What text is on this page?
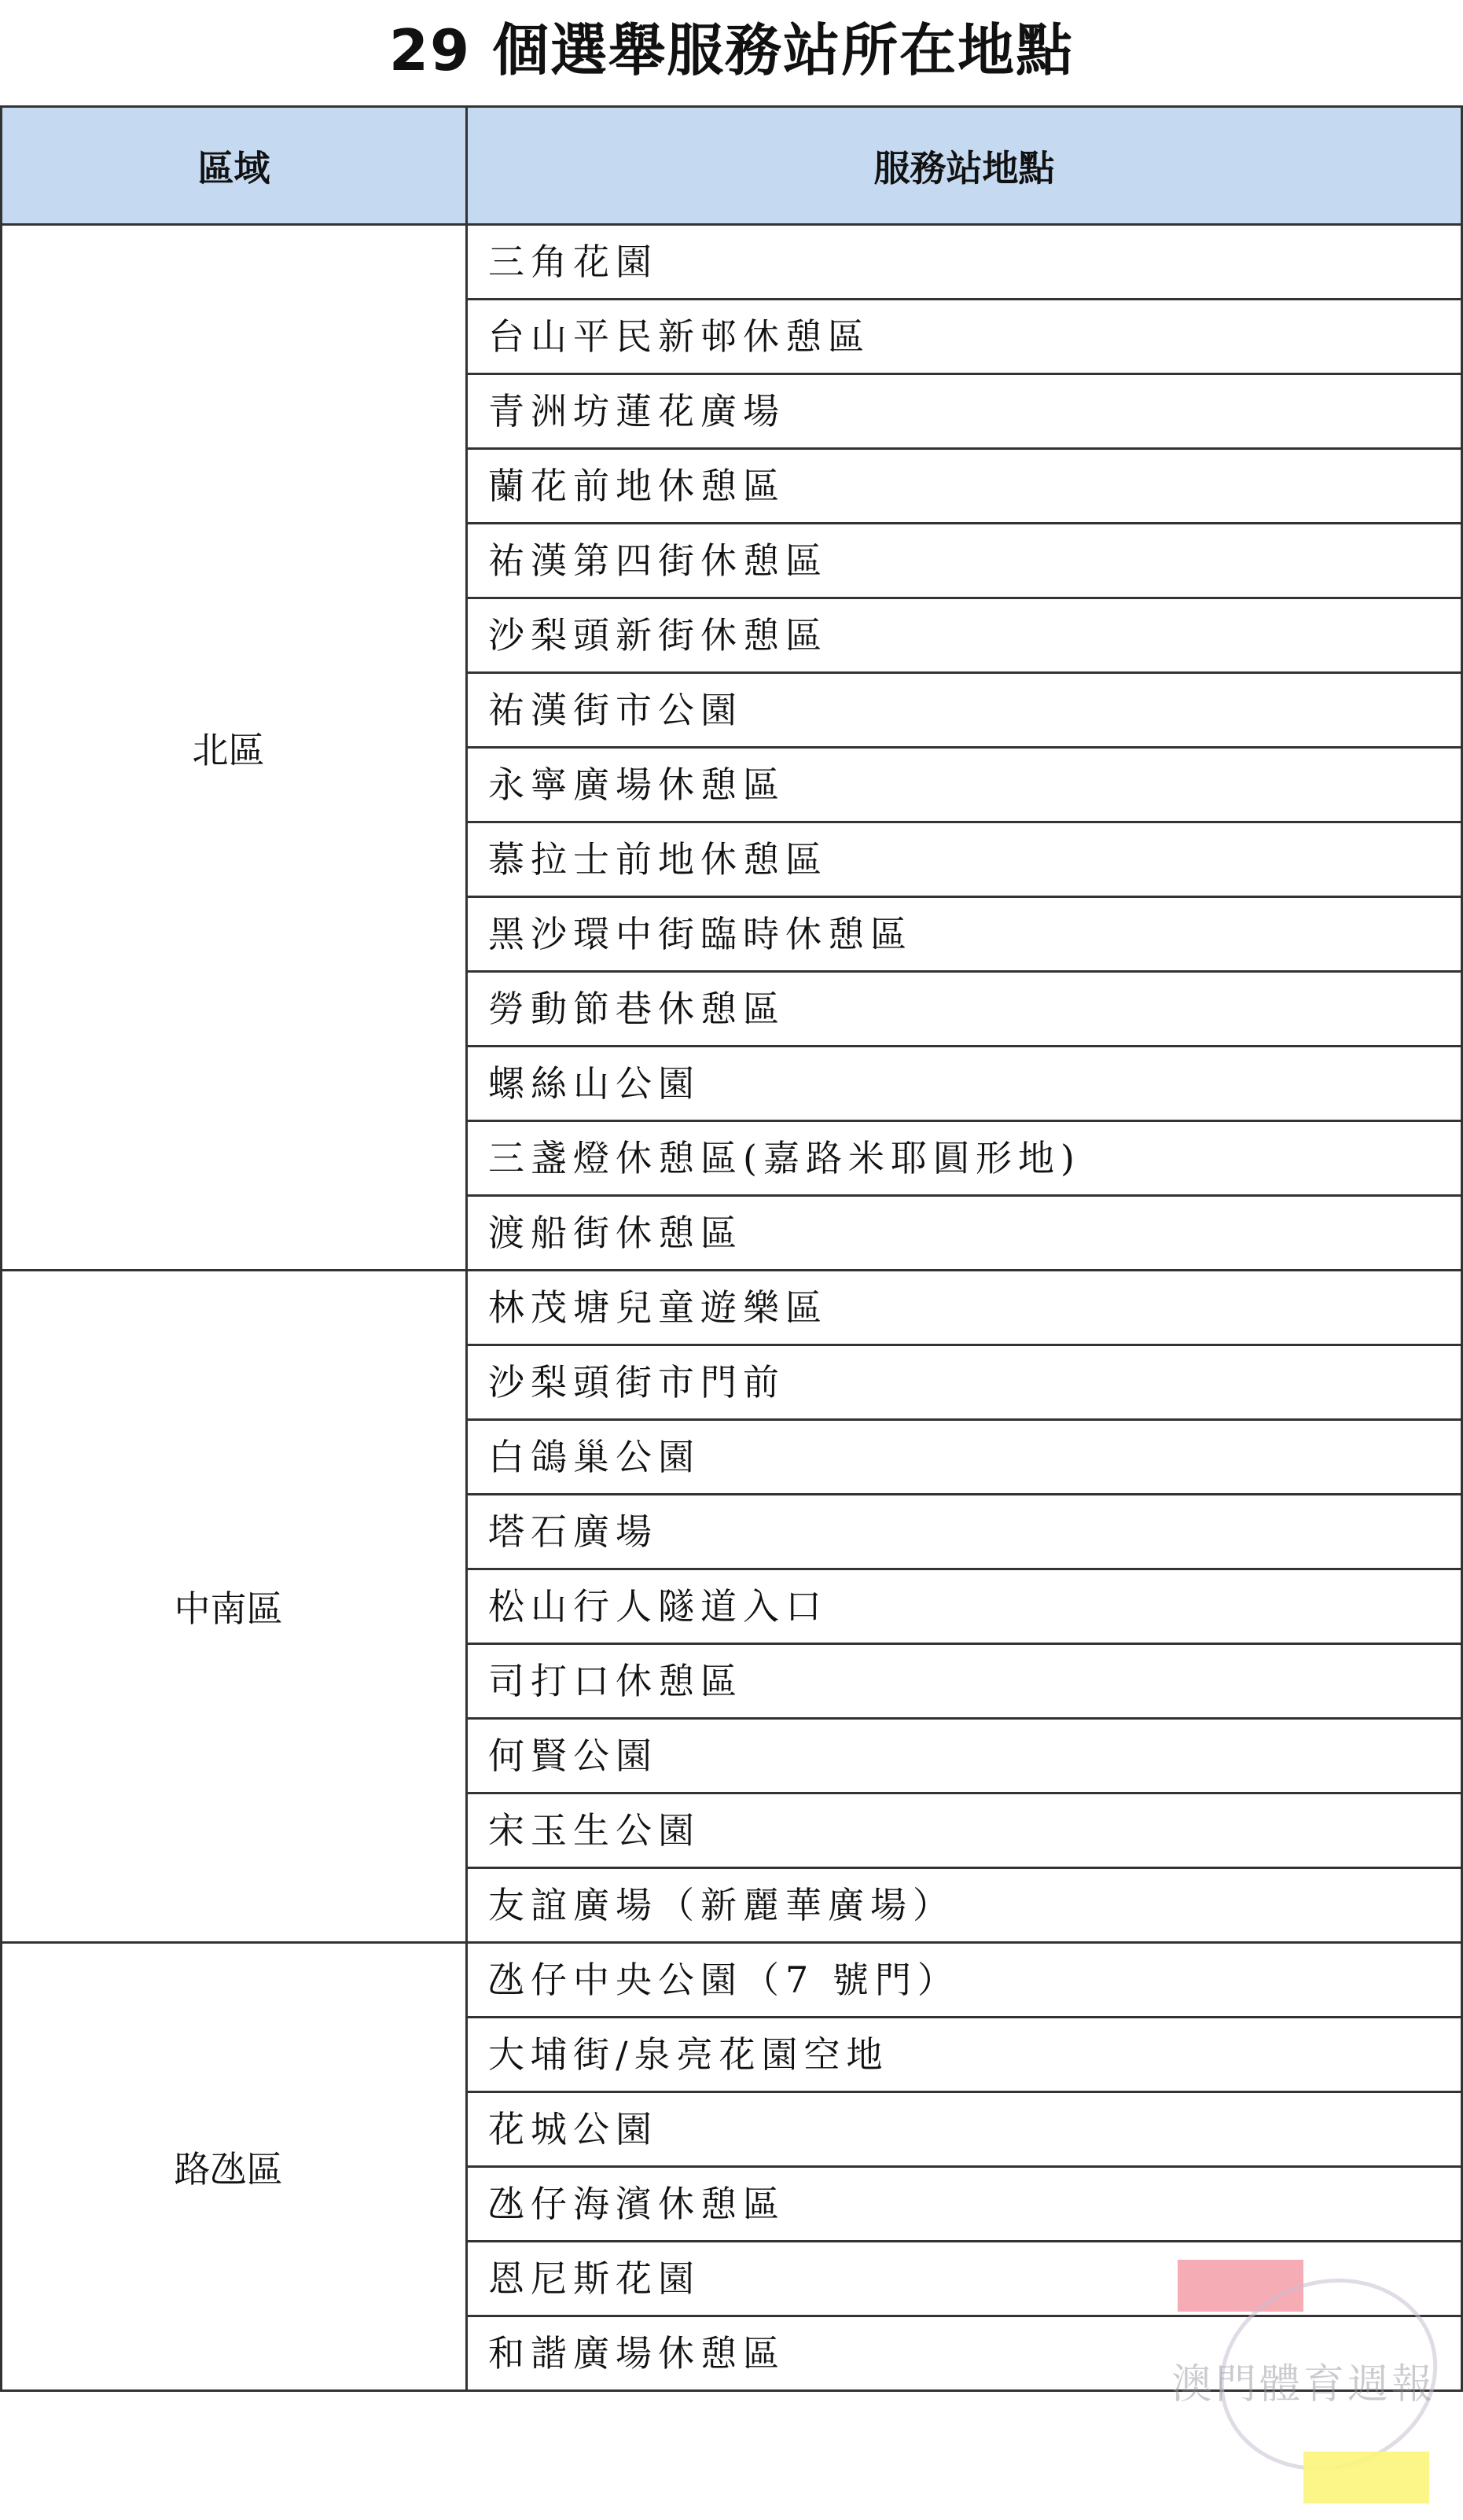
29 個選舉服務站所在地點
區域	服務站地點
北區	三角花園
	台山平民新邨休憩區
	青洲坊蓮花廣場
	蘭花前地休憩區
	祐漢第四街休憩區
	沙梨頭新街休憩區
	祐漢街市公園
	永寧廣場休憩區
	慕拉士前地休憩區
	黑沙環中街臨時休憩區
	勞動節巷休憩區
	螺絲山公園
	三盞燈休憩區(嘉路米耶圓形地)
	渡船街休憩區
中南區	林茂塘兒童遊樂區
	沙梨頭街市門前
	白鴿巢公園
	塔石廣場
	松山行人隧道入口
	司打口休憩區
	何賢公園
	宋玉生公園
	友誼廣場（新麗華廣場）
路氹區	氹仔中央公園（7 號門）
	大埔街/泉亮花園空地
	花城公園
	氹仔海濱休憩區
	恩尼斯花園
	和諧廣場休憩區
澳門體育週報
